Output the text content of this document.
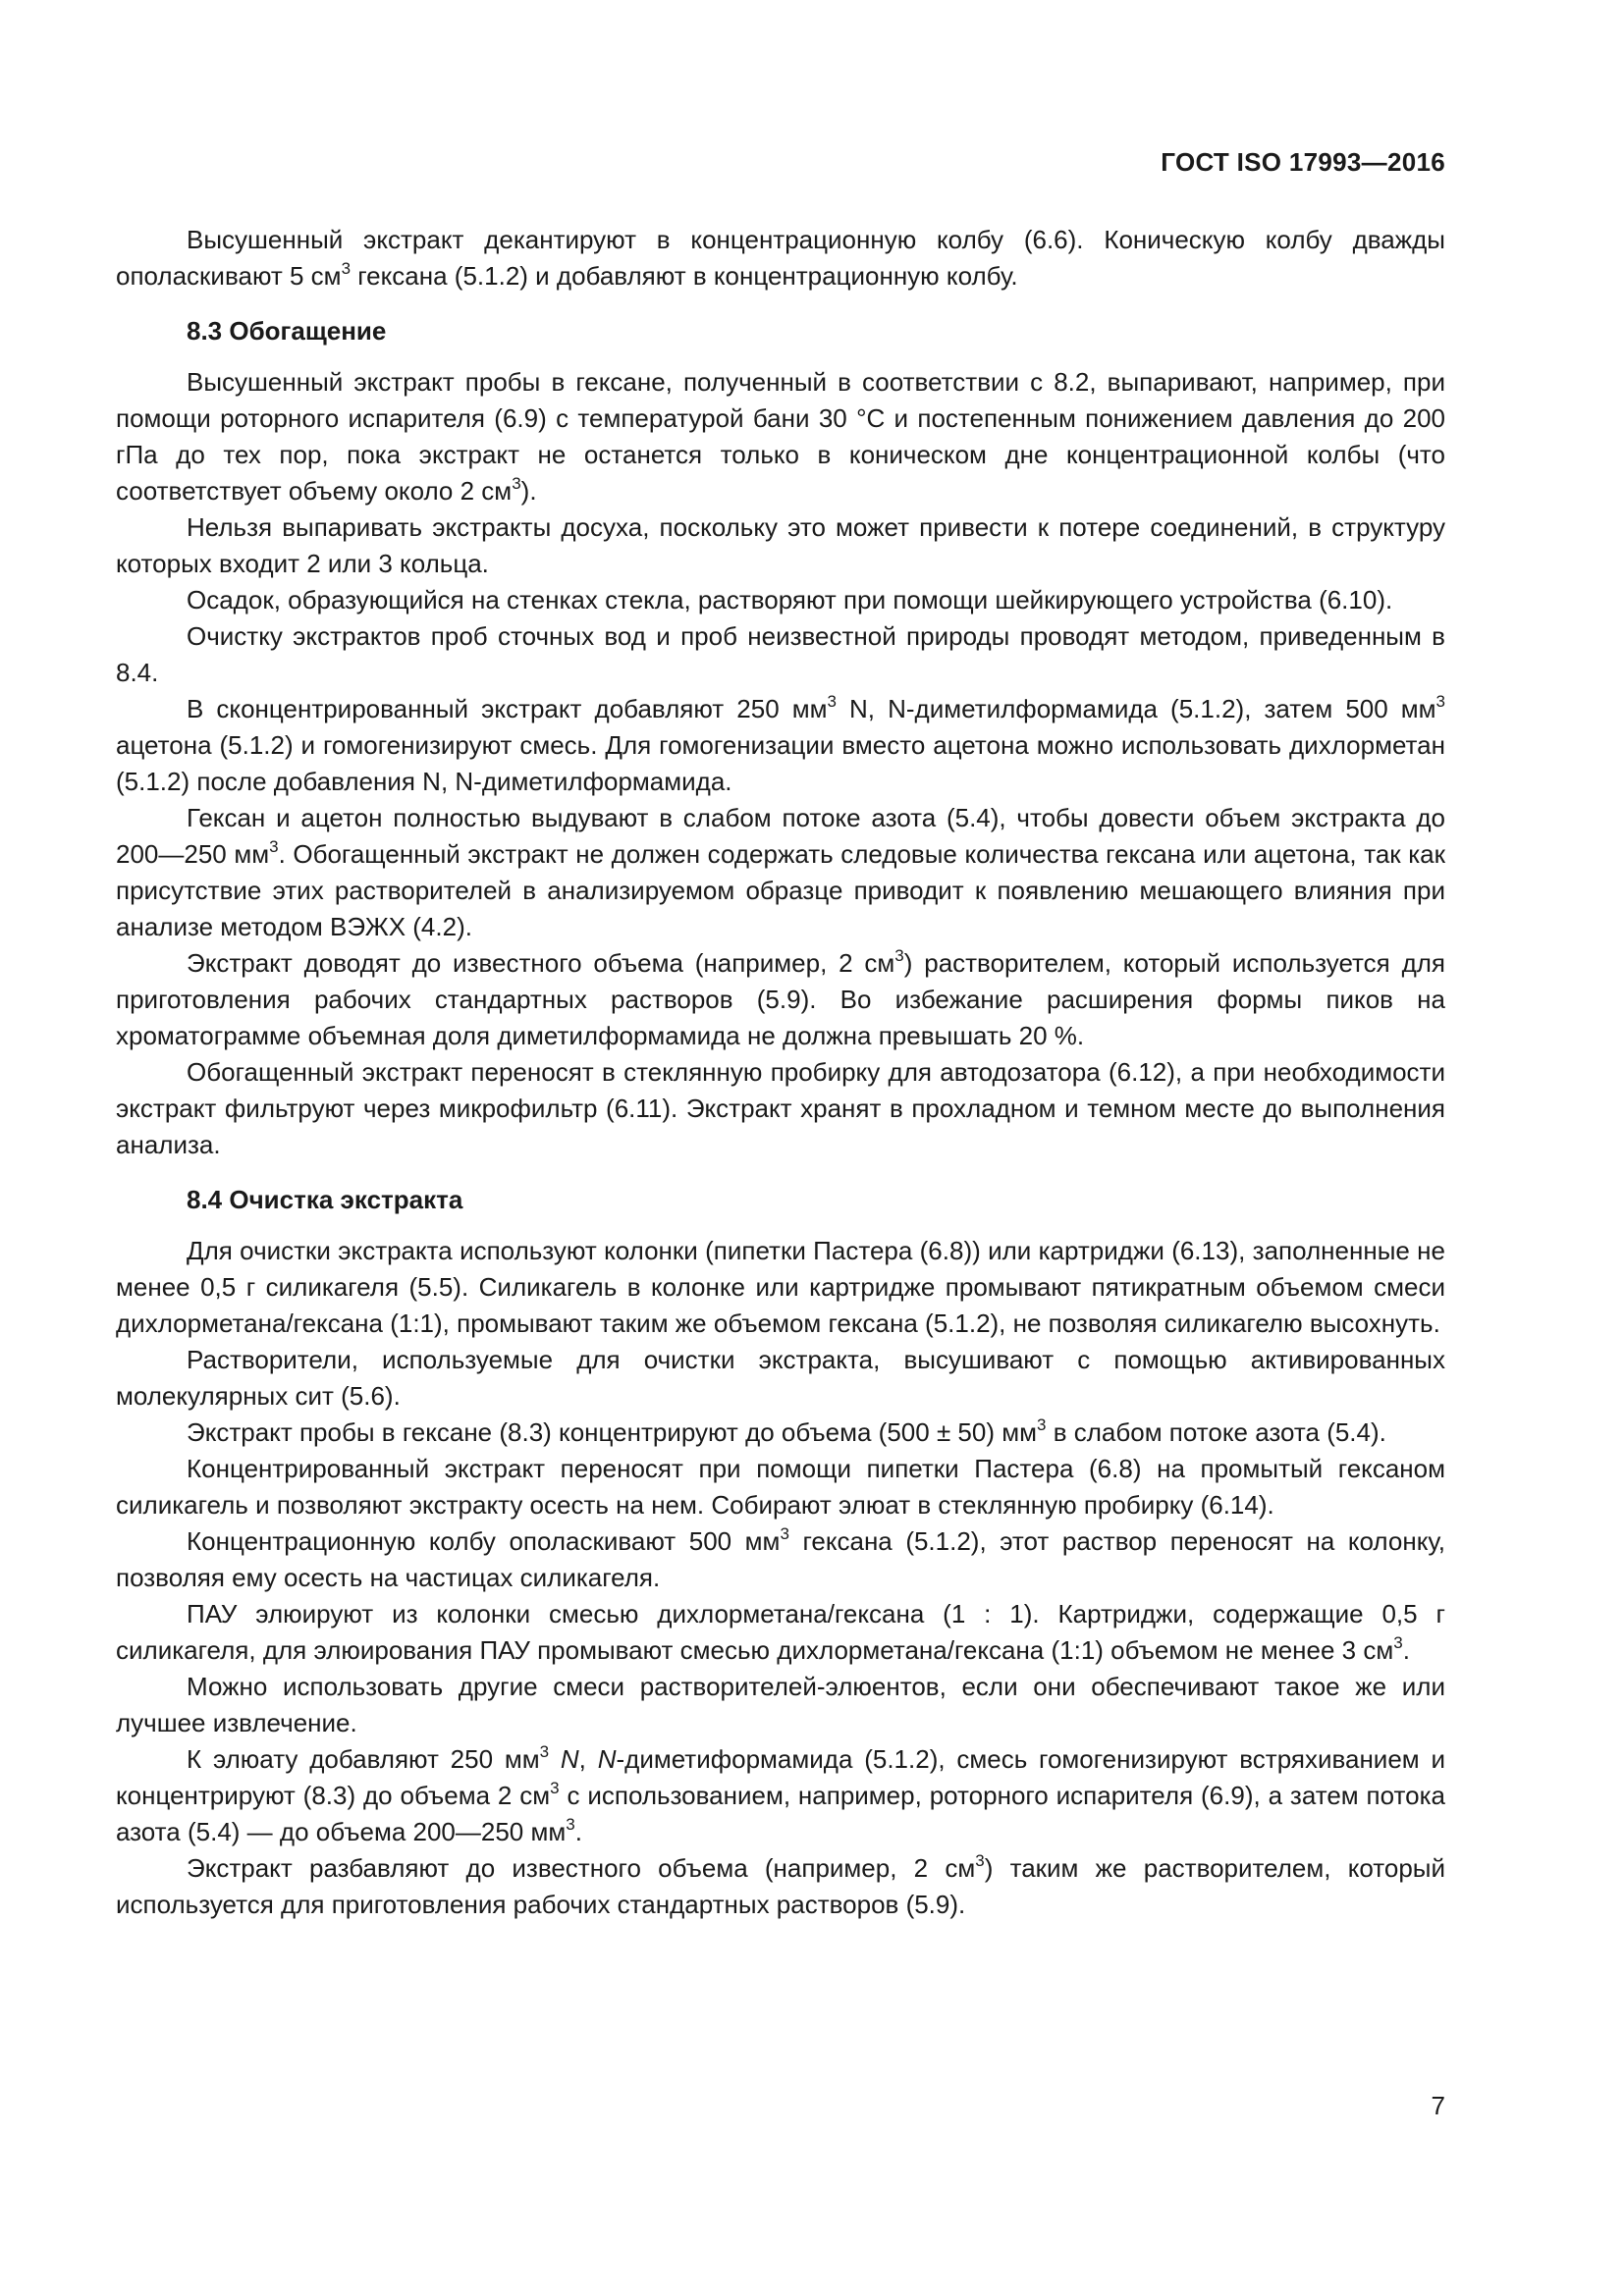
ГОСТ ISO 17993—2016

Высушенный экстракт декантируют в концентрационную колбу (6.6). Коническую колбу дважды ополаскивают 5 $см^3$ гексана (5.1.2) и добавляют в концентрационную колбу.

8.3 Обогащение

Высушенный экстракт пробы в гексане, полученный в соответствии с 8.2, выпаривают, например, при помощи роторного испарителя (6.9) с температурой бани 30 °С и постепенным понижением давления до 200 гПа до тех пор, пока экстракт не останется только в коническом дне концентрационной колбы (что соответствует объему около 2 $см^3$).

Нельзя выпаривать экстракты досуха, поскольку это может привести к потере соединений, в структуру которых входит 2 или 3 кольца.

Осадок, образующийся на стенках стекла, растворяют при помощи шейкирующего устройства (6.10).

Очистку экстрактов проб сточных вод и проб неизвестной природы проводят методом, приведенным в 8.4.

В сконцентрированный экстракт добавляют 250 $мм^3$ N, N-диметилформамида (5.1.2), затем 500 $мм^3$ ацетона (5.1.2) и гомогенизируют смесь. Для гомогенизации вместо ацетона можно использовать дихлорметан (5.1.2) после добавления N, N-диметилформамида.

Гексан и ацетон полностью выдувают в слабом потоке азота (5.4), чтобы довести объем экстракта до 200—250 $мм^3$. Обогащенный экстракт не должен содержать следовые количества гексана или ацетона, так как присутствие этих растворителей в анализируемом образце приводит к появлению мешающего влияния при анализе методом ВЭЖХ (4.2).

Экстракт доводят до известного объема (например, 2 $см^3$) растворителем, который используется для приготовления рабочих стандартных растворов (5.9). Во избежание расширения формы пиков на хроматограмме объемная доля диметилформамида не должна превышать 20 %.

Обогащенный экстракт переносят в стеклянную пробирку для автодозатора (6.12), а при необходимости экстракт фильтруют через микрофильтр (6.11). Экстракт хранят в прохладном и темном месте до выполнения анализа.

8.4 Очистка экстракта

Для очистки экстракта используют колонки (пипетки Пастера (6.8)) или картриджи (6.13), заполненные не менее 0,5 г силикагеля (5.5). Силикагель в колонке или картридже промывают пятикратным объемом смеси дихлорметана/гексана (1:1), промывают таким же объемом гексана (5.1.2), не позволяя силикагелю высохнуть.

Растворители, используемые для очистки экстракта, высушивают с помощью активированных молекулярных сит (5.6).

Экстракт пробы в гексане (8.3) концентрируют до объема (500 ± 50) $мм^3$ в слабом потоке азота (5.4).

Концентрированный экстракт переносят при помощи пипетки Пастера (6.8) на промытый гексаном силикагель и позволяют экстракту осесть на нем. Собирают элюат в стеклянную пробирку (6.14).

Концентрационную колбу ополаскивают 500 $мм^3$ гексана (5.1.2), этот раствор переносят на колонку, позволяя ему осесть на частицах силикагеля.

ПАУ элюируют из колонки смесью дихлорметана/гексана (1 : 1). Картриджи, содержащие 0,5 г силикагеля, для элюирования ПАУ промывают смесью дихлорметана/гексана (1:1) объемом не менее 3 $см^3$.

Можно использовать другие смеси растворителей-элюентов, если они обеспечивают такое же или лучшее извлечение.

К элюату добавляют 250 $мм^3$ N, N-диметиформамида (5.1.2), смесь гомогенизируют встряхиванием и концентрируют (8.3) до объема 2 $см^3$ с использованием, например, роторного испарителя (6.9), а затем потока азота (5.4) — до объема 200—250 $мм^3$.

Экстракт разбавляют до известного объема (например, 2 $см^3$) таким же растворителем, который используется для приготовления рабочих стандартных растворов (5.9).

7
